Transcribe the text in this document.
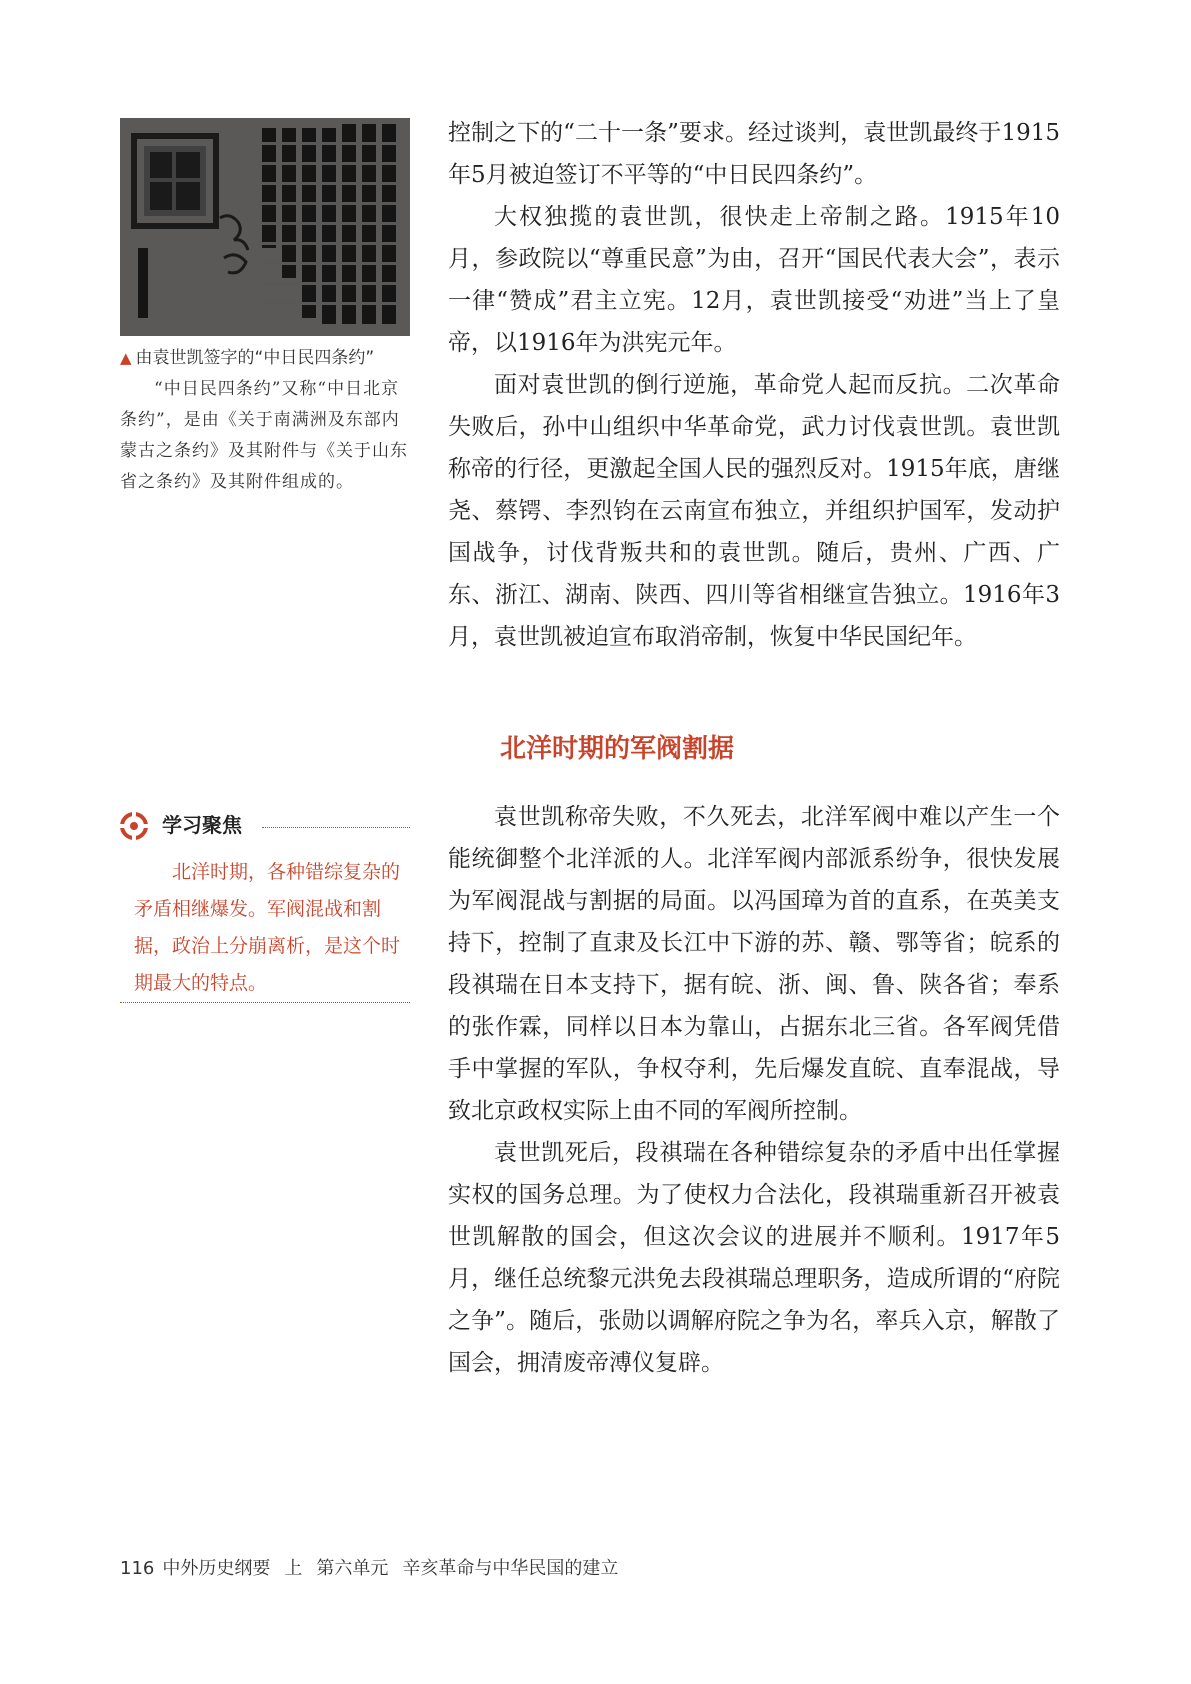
▲ 由袁世凯签字的“中日民四条约”

“中日民四条约”又称“中日北京条约”，是由《关于南满洲及东部内蒙古之条约》及其附件与《关于山东省之条约》及其附件组成的。

学习聚焦

北洋时期，各种错综复杂的矛盾相继爆发。军阀混战和割据，政治上分崩离析，是这个时期最大的特点。

控制之下的“二十一条”要求。经过谈判，袁世凯最终于1915年5月被迫签订不平等的“中日民四条约”。

大权独揽的袁世凯，很快走上帝制之路。1915年10月，参政院以“尊重民意”为由，召开“国民代表大会”，表示一律“赞成”君主立宪。12月，袁世凯接受“劝进”当上了皇帝，以1916年为洪宪元年。

面对袁世凯的倒行逆施，革命党人起而反抗。二次革命失败后，孙中山组织中华革命党，武力讨伐袁世凯。袁世凯称帝的行径，更激起全国人民的强烈反对。1915年底，唐继尧、蔡锷、李烈钧在云南宣布独立，并组织护国军，发动护国战争，讨伐背叛共和的袁世凯。随后，贵州、广西、广东、浙江、湖南、陕西、四川等省相继宣告独立。1916年3月，袁世凯被迫宣布取消帝制，恢复中华民国纪年。

北洋时期的军阀割据

袁世凯称帝失败，不久死去，北洋军阀中难以产生一个能统御整个北洋派的人。北洋军阀内部派系纷争，很快发展为军阀混战与割据的局面。以冯国璋为首的直系，在英美支持下，控制了直隶及长江中下游的苏、赣、鄂等省；皖系的段祺瑞在日本支持下，据有皖、浙、闽、鲁、陕各省；奉系的张作霖，同样以日本为靠山，占据东北三省。各军阀凭借手中掌握的军队，争权夺利，先后爆发直皖、直奉混战，导致北京政权实际上由不同的军阀所控制。

袁世凯死后，段祺瑞在各种错综复杂的矛盾中出任掌握实权的国务总理。为了使权力合法化，段祺瑞重新召开被袁世凯解散的国会，但这次会议的进展并不顺利。1917年5月，继任总统黎元洪免去段祺瑞总理职务，造成所谓的“府院之争”。随后，张勋以调解府院之争为名，率兵入京，解散了国会，拥清废帝溥仪复辟。

116 中外历史纲要 上 第六单元 辛亥革命与中华民国的建立
